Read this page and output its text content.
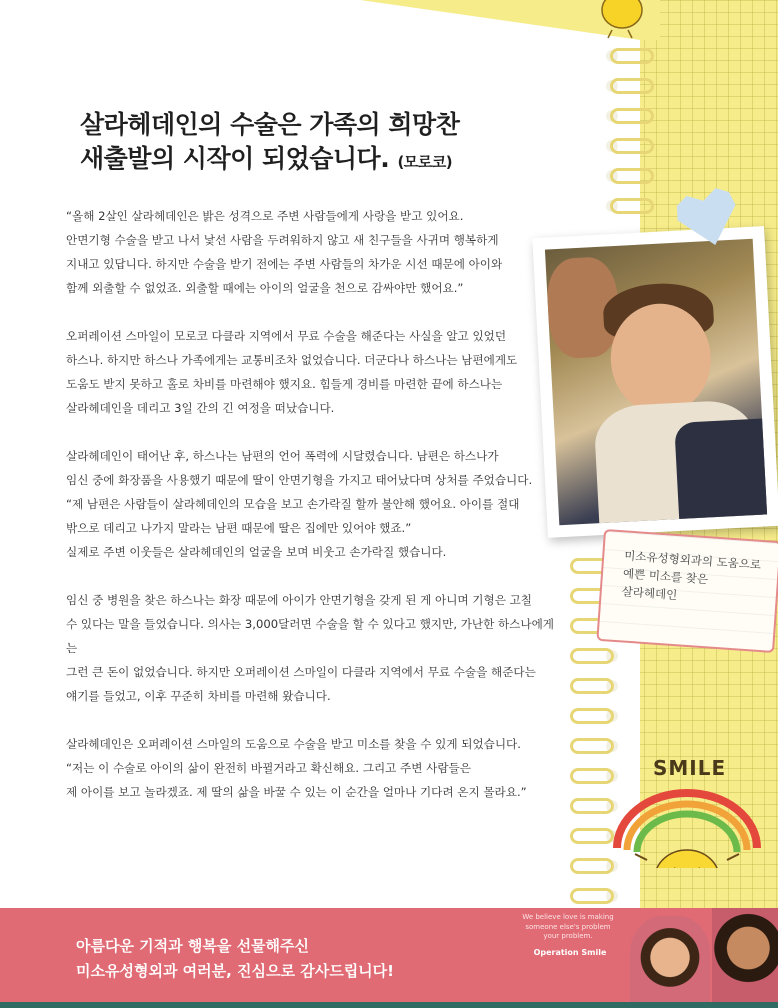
살라헤데인의 수술은 가족의 희망찬
새출발의 시작이 되었습니다. (모로코)

“올해 2살인 살라헤데인은 밝은 성격으로 주변 사람들에게 사랑을 받고 있어요.
안면기형 수술을 받고 나서 낯선 사람을 두려워하지 않고 새 친구들을 사귀며 행복하게
지내고 있답니다. 하지만 수술을 받기 전에는 주변 사람들의 차가운 시선 때문에 아이와
함께 외출할 수 없었죠. 외출할 때에는 아이의 얼굴을 천으로 감싸야만 했어요.”

오퍼레이션 스마일이 모로코 다클라 지역에서 무료 수술을 해준다는 사실을 알고 있었던
하스나. 하지만 하스나 가족에게는 교통비조차 없었습니다. 더군다나 하스나는 남편에게도
도움도 받지 못하고 홀로 차비를 마련해야 했지요. 힘들게 경비를 마련한 끝에 하스나는
살라헤데인을 데리고 3일 간의 긴 여정을 떠났습니다.

살라헤데인이 태어난 후, 하스나는 남편의 언어 폭력에 시달렸습니다. 남편은 하스나가
임신 중에 화장품을 사용했기 때문에 딸이 안면기형을 가지고 태어났다며 상처를 주었습니다.
“제 남편은 사람들이 살라헤데인의 모습을 보고 손가락질 할까 불안해 했어요. 아이를 절대
밖으로 데리고 나가지 말라는 남편 때문에 딸은 집에만 있어야 했죠.”
실제로 주변 이웃들은 살라헤데인의 얼굴을 보며 비웃고 손가락질 했습니다.

임신 중 병원을 찾은 하스나는 화장 때문에 아이가 안면기형을 갖게 된 게 아니며 기형은 고칠
수 있다는 말을 들었습니다. 의사는 3,000달러면 수술을 할 수 있다고 했지만, 가난한 하스나에게는
그런 큰 돈이 없었습니다. 하지만 오퍼레이션 스마일이 다클라 지역에서 무료 수술을 해준다는
얘기를 들었고, 이후 꾸준히 차비를 마련해 왔습니다.

살라헤데인은 오퍼레이션 스마일의 도움으로 수술을 받고 미소를 찾을 수 있게 되었습니다.
“저는 이 수술로 아이의 삶이 완전히 바뀔거라고 확신해요. 그리고 주변 사람들은
제 아이를 보고 놀라겠죠. 제 딸의 삶을 바꿀 수 있는 이 순간을 얼마나 기다려 온지 몰라요.”

미소유성형외과의 도움으로
예쁜 미소를 찾은
살라헤데인
SMILE
아름다운 기적과 행복을 선물해주신
미소유성형외과 여러분, 진심으로 감사드립니다!
We believe love is making someone else's problem your problem.
Operation Smile
